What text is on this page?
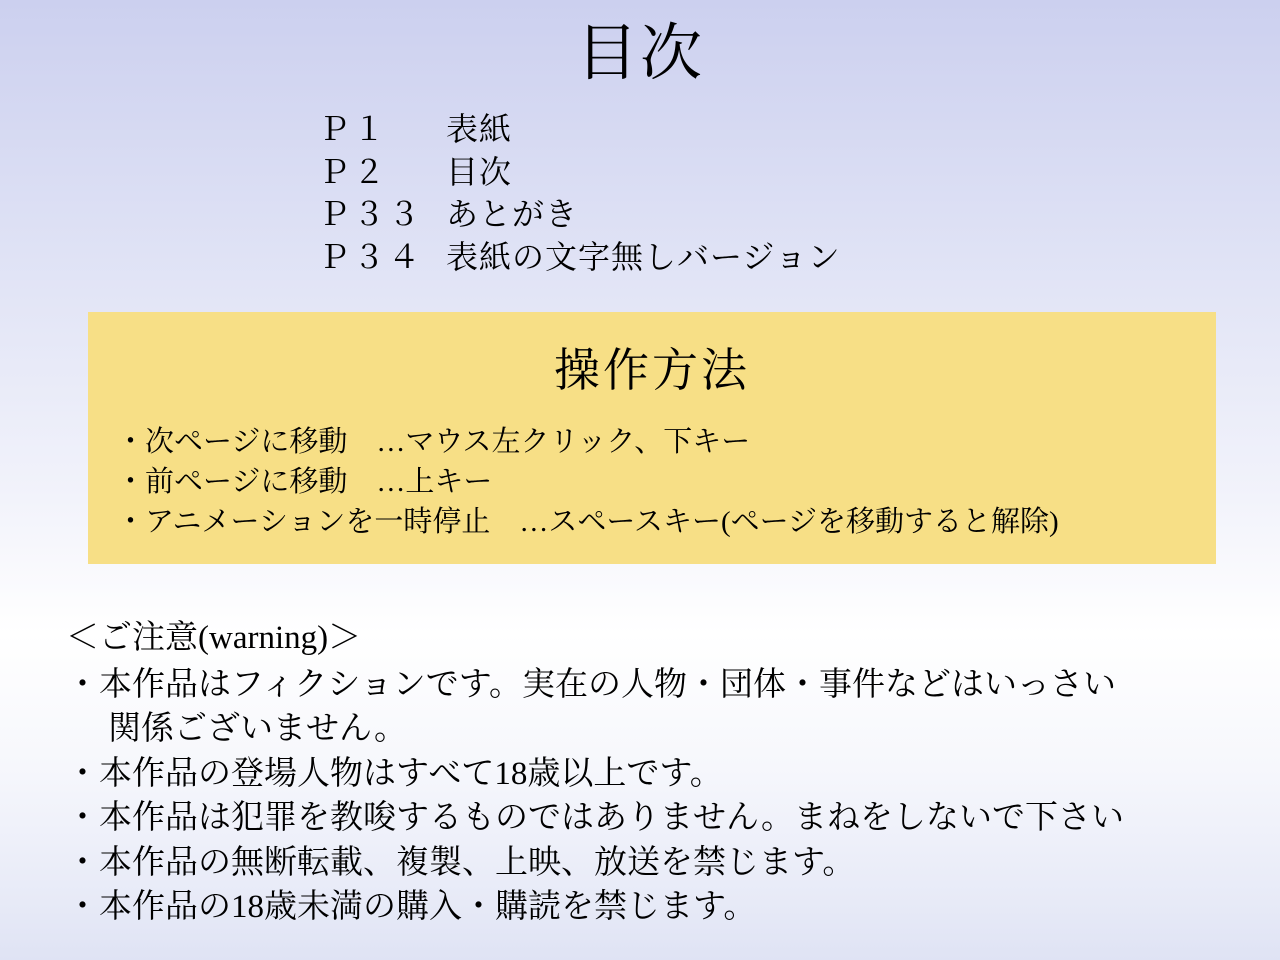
目次
Ｐ１	表紙
Ｐ２	目次
Ｐ３３ あとがき
Ｐ３４ 表紙の文字無しバージョン
操作方法
・次ページに移動　…マウス左クリック、下キー
・前ページに移動　…上キー
・アニメーションを一時停止　…スペースキー(ページを移動すると解除)
＜ご注意(warning)＞
・本作品はフィクションです。実在の人物・団体・事件などはいっさい
関係ございません。
・本作品の登場人物はすべて18歳以上です。
・本作品は犯罪を教唆するものではありません。まねをしないで下さい
・本作品の無断転載、複製、上映、放送を禁じます。
・本作品の18歳未満の購入・購読を禁じます。
